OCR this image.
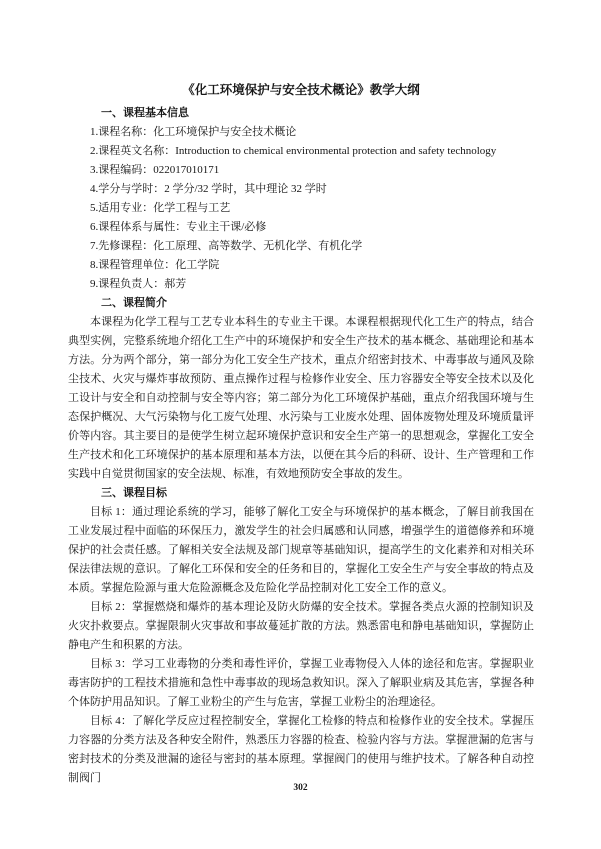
《化工环境保护与安全技术概论》教学大纲
一、课程基本信息
1.课程名称：化工环境保护与安全技术概论
2.课程英文名称：Introduction to chemical environmental protection and safety technology
3.课程编码：022017010171
4.学分与学时：2 学分/32 学时，其中理论 32 学时
5.适用专业：化学工程与工艺
6.课程体系与属性：专业主干课/必修
7.先修课程：化工原理、高等数学、无机化学、有机化学
8.课程管理单位：化工学院
9.课程负责人：郝芳
二、课程简介
本课程为化学工程与工艺专业本科生的专业主干课。本课程根据现代化工生产的特点，结合典型实例，完整系统地介绍化工生产中的环境保护和安全生产技术的基本概念、基础理论和基本方法。分为两个部分，第一部分为化工安全生产技术，重点介绍密封技术、中毒事故与通风及除尘技术、火灾与爆炸事故预防、重点操作过程与检修作业安全、压力容器安全等安全技术以及化工设计与安全和自动控制与安全等内容；第二部分为化工环境保护基础，重点介绍我国环境与生态保护概况、大气污染物与化工废气处理、水污染与工业废水处理、固体废物处理及环境质量评价等内容。其主要目的是使学生树立起环境保护意识和安全生产第一的思想观念，掌握化工安全生产技术和化工环境保护的基本原理和基本方法，以便在其今后的科研、设计、生产管理和工作实践中自觉贯彻国家的安全法规、标准，有效地预防安全事故的发生。
三、课程目标
目标 1：通过理论系统的学习，能够了解化工安全与环境保护的基本概念，了解目前我国在工业发展过程中面临的环保压力，激发学生的社会归属感和认同感，增强学生的道德修养和环境保护的社会责任感。了解相关安全法规及部门规章等基础知识，提高学生的文化素养和对相关环保法律法规的意识。了解化工环保和安全的任务和目的，掌握化工安全生产与安全事故的特点及本质。掌握危险源与重大危险源概念及危险化学品控制对化工安全工作的意义。
目标 2：掌握燃烧和爆炸的基本理论及防火防爆的安全技术。掌握各类点火源的控制知识及火灾扑救要点。掌握限制火灾事故和事故蔓延扩散的方法。熟悉雷电和静电基础知识，掌握防止静电产生和积累的方法。
目标 3：学习工业毒物的分类和毒性评价，掌握工业毒物侵入人体的途径和危害。掌握职业毒害防护的工程技术措施和急性中毒事故的现场急救知识。深入了解职业病及其危害，掌握各种个体防护用品知识。了解工业粉尘的产生与危害，掌握工业粉尘的治理途径。
目标 4：了解化学反应过程控制安全，掌握化工检修的特点和检修作业的安全技术。掌握压力容器的分类方法及各种安全附件，熟悉压力容器的检查、检验内容与方法。掌握泄漏的危害与密封技术的分类及泄漏的途径与密封的基本原理。掌握阀门的使用与维护技术。了解各种自动控制阀门
302
